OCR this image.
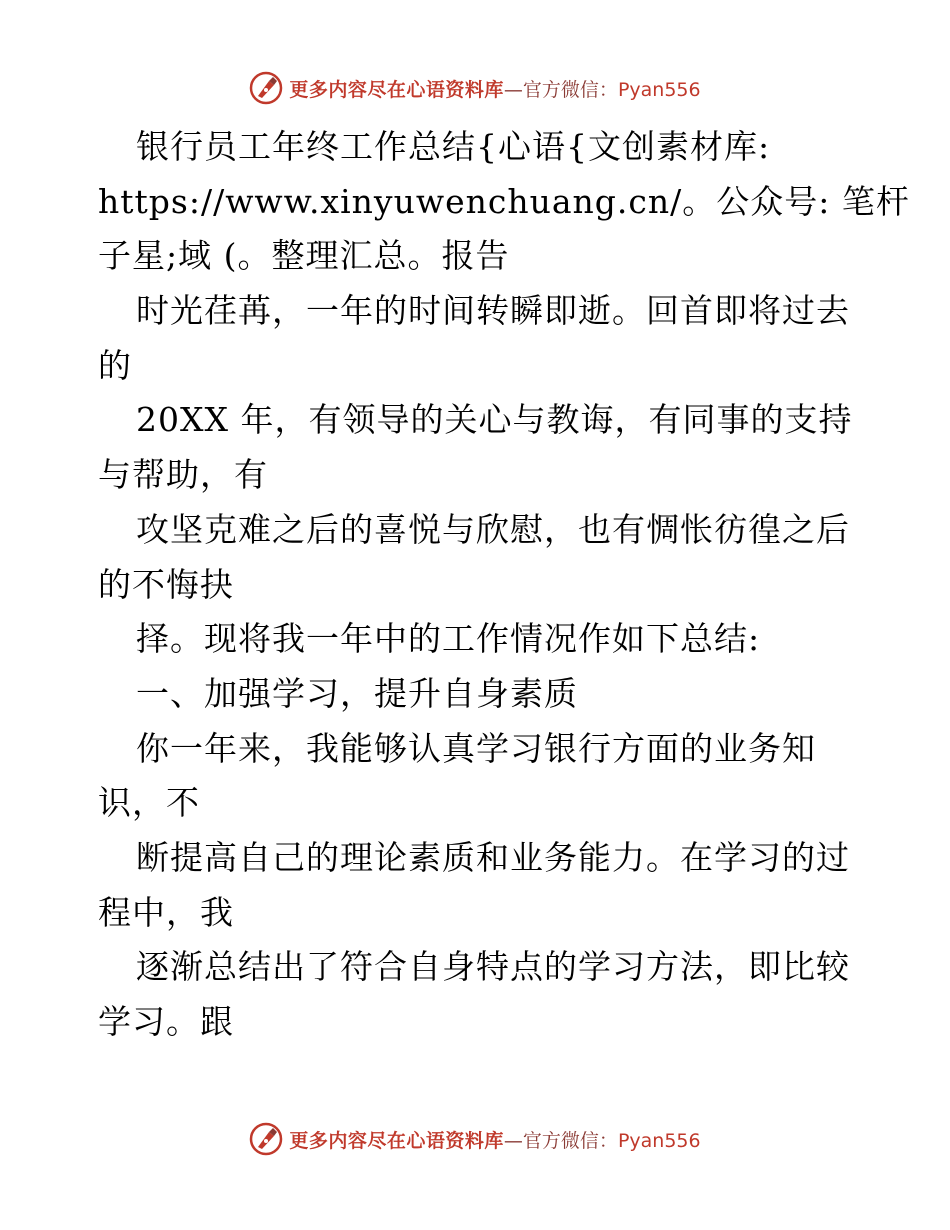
更多内容尽在心语资料库—官方微信：Pyan556
银行员工年终工作总结{心语{文创素材库:
https://www.xinyuwenchuang.cn/。公众号: 笔杆
子星;域 (。整理汇总。报告
时光荏苒，一年的时间转瞬即逝。回首即将过去
的
20XX 年，有领导的关心与教诲，有同事的支持
与帮助，有
攻坚克难之后的喜悦与欣慰，也有惆怅彷徨之后
的不悔抉
择。现将我一年中的工作情况作如下总结:
一、加强学习，提升自身素质
你一年来，我能够认真学习银行方面的业务知
识，不
断提高自己的理论素质和业务能力。在学习的过
程中，我
逐渐总结出了符合自身特点的学习方法，即比较
学习。跟
更多内容尽在心语资料库—官方微信：Pyan556
